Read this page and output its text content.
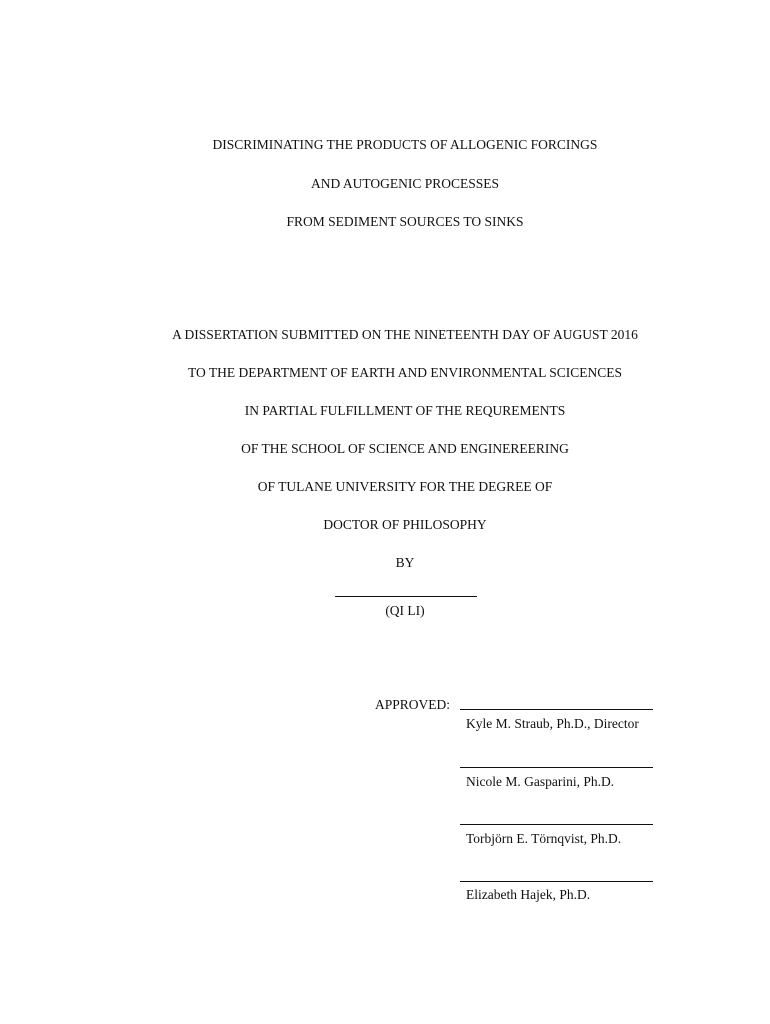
DISCRIMINATING THE PRODUCTS OF ALLOGENIC FORCINGS
AND AUTOGENIC PROCESSES
FROM SEDIMENT SOURCES TO SINKS
A DISSERTATION SUBMITTED ON THE NINETEENTH DAY OF AUGUST 2016
TO THE DEPARTMENT OF EARTH AND ENVIRONMENTAL SCICENCES
IN PARTIAL FULFILLMENT OF THE REQUREMENTS
OF THE SCHOOL OF SCIENCE AND ENGINEREERING
OF TULANE UNIVERSITY FOR THE DEGREE OF
DOCTOR OF PHILOSOPHY
BY
(QI LI)
APPROVED:
Kyle M. Straub, Ph.D., Director
Nicole M. Gasparini, Ph.D.
Torbjörn E. Törnqvist, Ph.D.
Elizabeth Hajek, Ph.D.
